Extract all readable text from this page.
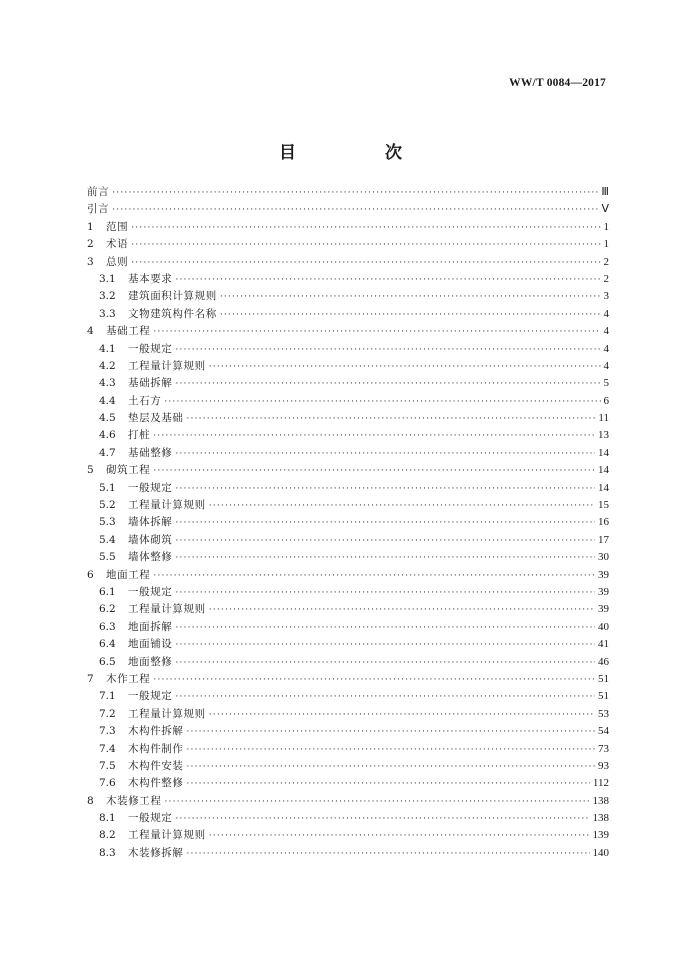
WW/T 0084—2017
目　次
前言 ·····	Ⅲ
引言 ·····	Ⅴ
1	范围 ·····	1
2	术语 ·····	1
3	总则 ·····	2
3.1	基本要求 ·····	2
3.2	建筑面积计算规则 ·····	3
3.3	文物建筑构件名称 ·····	4
4	基础工程 ·····	4
4.1	一般规定 ·····	4
4.2	工程量计算规则 ·····	4
4.3	基础拆解 ·····	5
4.4	土石方 ·····	6
4.5	垫层及基础 ·····	11
4.6	打桩 ·····	13
4.7	基础整修 ·····	14
5	砌筑工程 ·····	14
5.1	一般规定 ·····	14
5.2	工程量计算规则 ·····	15
5.3	墙体拆解 ·····	16
5.4	墙体砌筑 ·····	17
5.5	墙体整修 ·····	30
6	地面工程 ·····	39
6.1	一般规定 ·····	39
6.2	工程量计算规则 ·····	39
6.3	地面拆解 ·····	40
6.4	地面铺设 ·····	41
6.5	地面整修 ·····	46
7	木作工程 ·····	51
7.1	一般规定 ·····	51
7.2	工程量计算规则 ·····	53
7.3	木构件拆解 ·····	54
7.4	木构件制作 ·····	73
7.5	木构件安装 ·····	93
7.6	木构件整修 ·····	112
8	木装修工程 ·····	138
8.1	一般规定 ·····	138
8.2	工程量计算规则 ·····	139
8.3	木装修拆解 ·····	140
